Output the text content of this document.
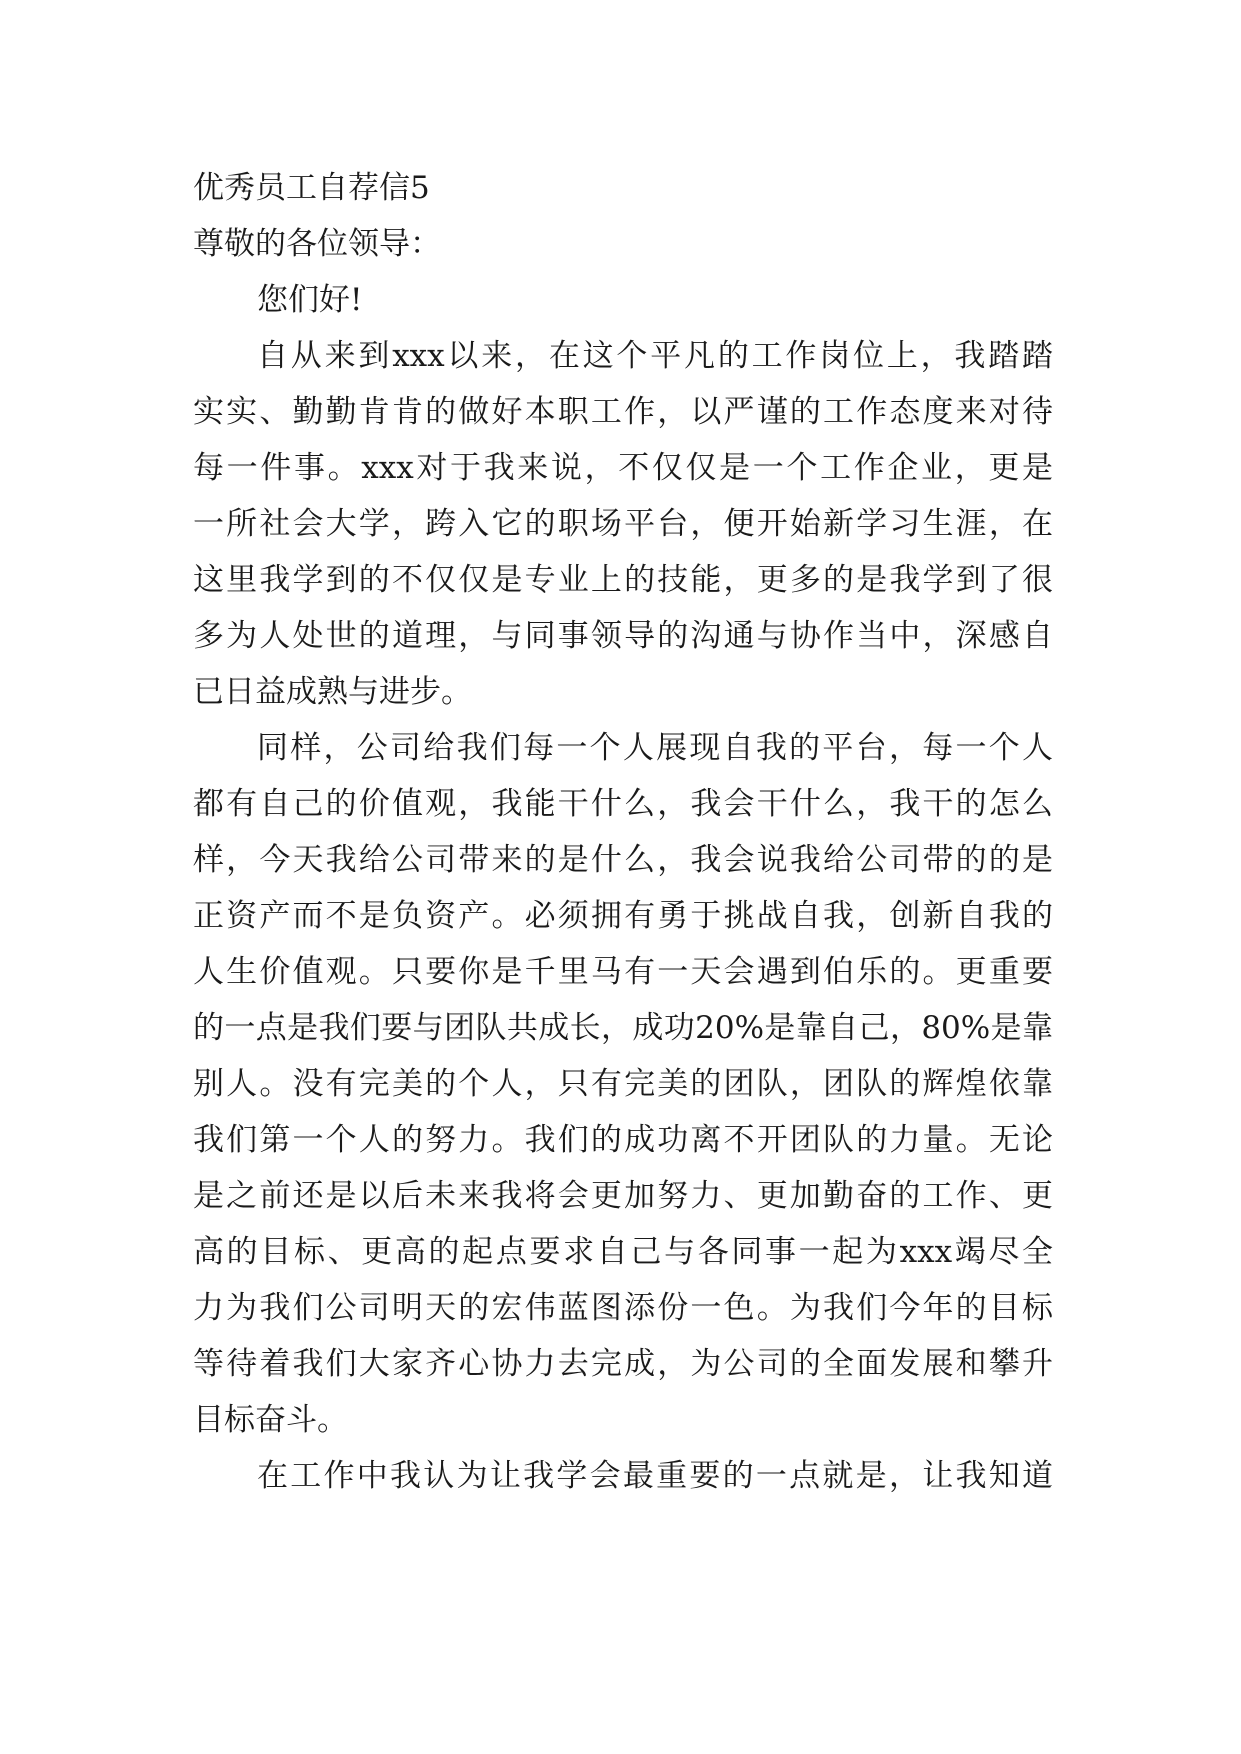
优秀员工自荐信5
尊敬的各位领导：
您们好!
自从来到xxx以来，在这个平凡的工作岗位上，我踏踏
实实、勤勤肯肯的做好本职工作，以严谨的工作态度来对待
每一件事。xxx对于我来说，不仅仅是一个工作企业，更是
一所社会大学，跨入它的职场平台，便开始新学习生涯，在
这里我学到的不仅仅是专业上的技能，更多的是我学到了很
多为人处世的道理，与同事领导的沟通与协作当中，深感自
已日益成熟与进步。
同样，公司给我们每一个人展现自我的平台，每一个人
都有自己的价值观，我能干什么，我会干什么，我干的怎么
样，今天我给公司带来的是什么，我会说我给公司带的的是
正资产而不是负资产。必须拥有勇于挑战自我，创新自我的
人生价值观。只要你是千里马有一天会遇到伯乐的。更重要
的一点是我们要与团队共成长，成功20%是靠自己，80%是靠
别人。没有完美的个人，只有完美的团队，团队的辉煌依靠
我们第一个人的努力。我们的成功离不开团队的力量。无论
是之前还是以后未来我将会更加努力、更加勤奋的工作、更
高的目标、更高的起点要求自己与各同事一起为xxx竭尽全
力为我们公司明天的宏伟蓝图添份一色。为我们今年的目标
等待着我们大家齐心协力去完成，为公司的全面发展和攀升
目标奋斗。
在工作中我认为让我学会最重要的一点就是，让我知道
